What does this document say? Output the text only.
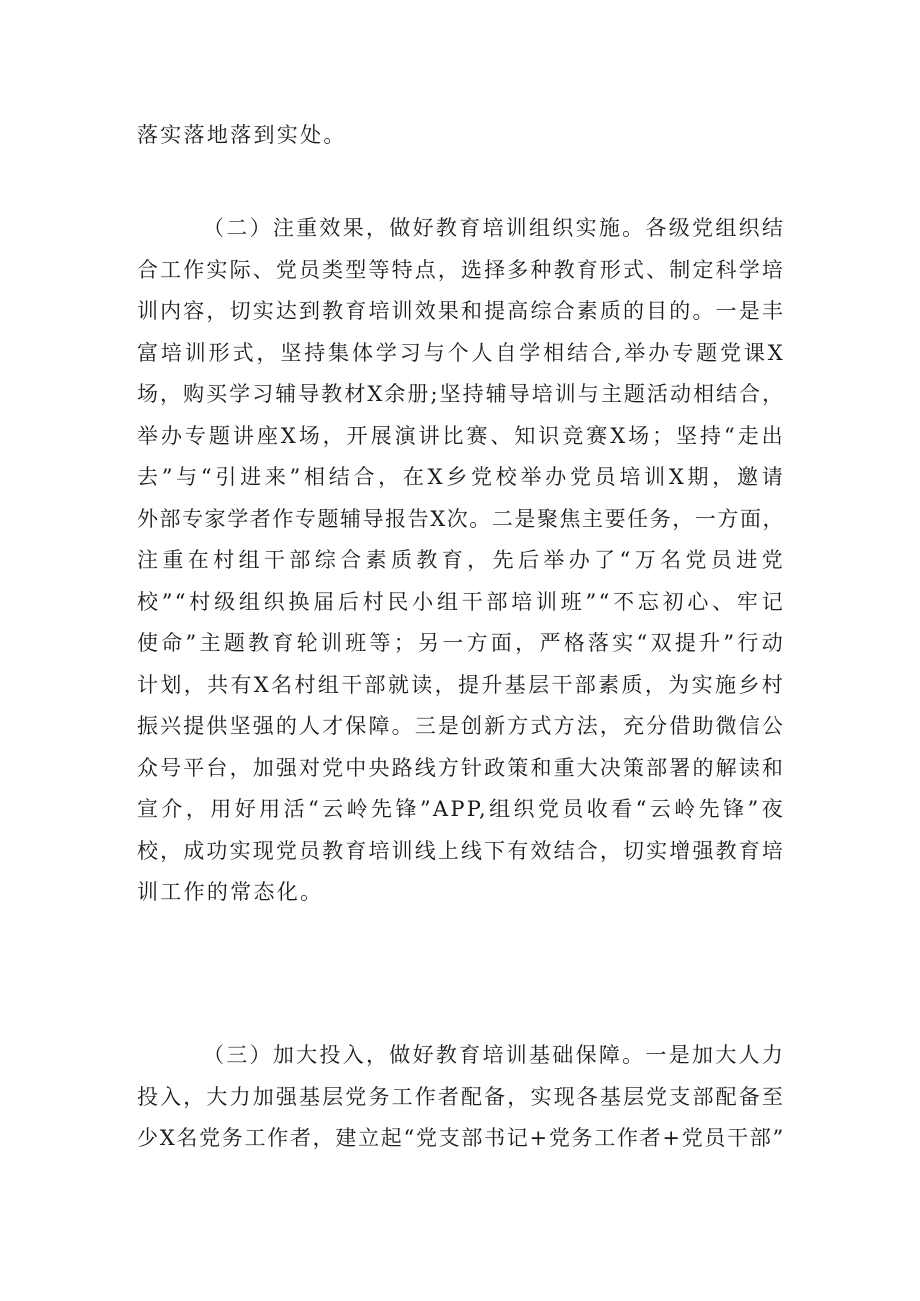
落实落地落到实处。
（二）注重效果，做好教育培训组织实施。各级党组织结
合工作实际、党员类型等特点，选择多种教育形式、制定科学培
训内容，切实达到教育培训效果和提高综合素质的目的。一是丰
富培训形式，坚持集体学习与个人自学相结合,举办专题党课X
场，购买学习辅导教材X余册;坚持辅导培训与主题活动相结合，
举办专题讲座X场，开展演讲比赛、知识竞赛X场；坚持“走出
去”与“引进来”相结合，在X乡党校举办党员培训X期，邀请
外部专家学者作专题辅导报告X次。二是聚焦主要任务，一方面，
注重在村组干部综合素质教育，先后举办了“万名党员进党
校”“村级组织换届后村民小组干部培训班”“不忘初心、牢记
使命”主题教育轮训班等；另一方面，严格落实“双提升”行动
计划，共有X名村组干部就读，提升基层干部素质，为实施乡村
振兴提供坚强的人才保障。三是创新方式方法，充分借助微信公
众号平台，加强对党中央路线方针政策和重大决策部署的解读和
宣介，用好用活“云岭先锋”APP,组织党员收看“云岭先锋”夜
校，成功实现党员教育培训线上线下有效结合，切实增强教育培
训工作的常态化。
（三）加大投入，做好教育培训基础保障。一是加大人力
投入，大力加强基层党务工作者配备，实现各基层党支部配备至
少X名党务工作者，建立起“党支部书记+党务工作者+党员干部”
